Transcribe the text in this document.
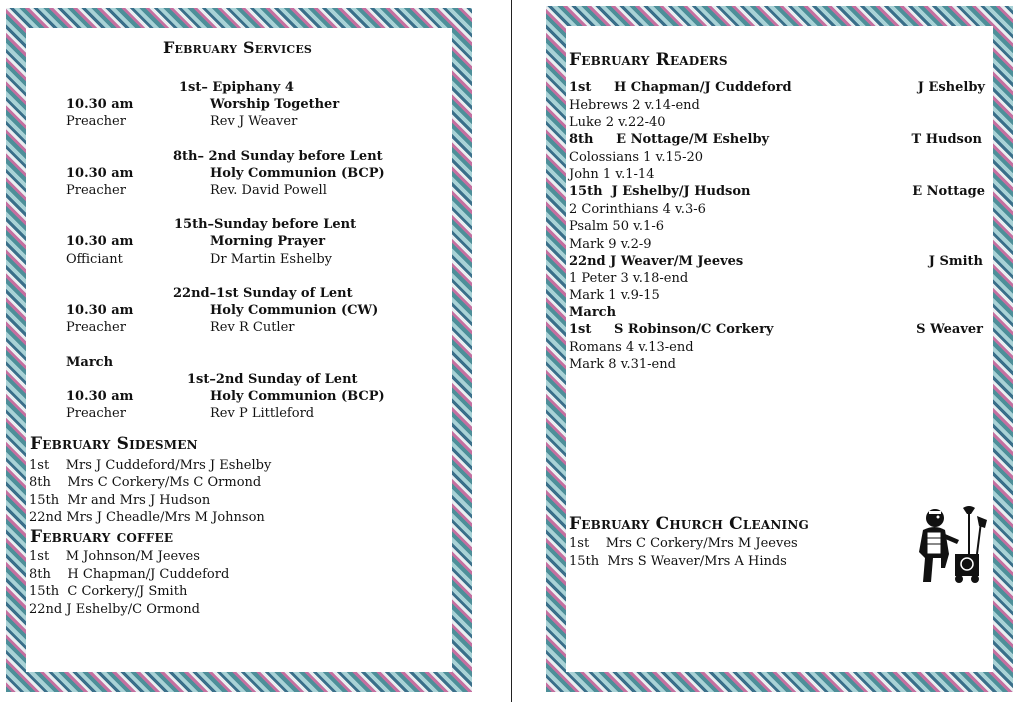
February Services
1st– Epiphany 4
10.30 am	Worship Together
Preacher	Rev J Weaver
8th– 2nd Sunday before Lent
10.30 am	Holy Communion (BCP)
Preacher	Rev. David Powell
15th–Sunday before Lent
10.30 am	Morning Prayer
Officiant	Dr Martin Eshelby
22nd–1st Sunday of Lent
10.30 am	Holy Communion (CW)
Preacher	Rev R Cutler
March
1st–2nd Sunday of Lent
10.30 am	Holy Communion (BCP)
Preacher	Rev P Littleford
February Sidesmen
1st    Mrs J Cuddeford/Mrs J Eshelby
8th    Mrs C Corkery/Ms C Ormond
15th  Mr and Mrs J Hudson
22nd Mrs J Cheadle/Mrs M Johnson
February coffee
1st    M Johnson/M Jeeves
8th    H Chapman/J Cuddeford
15th  C Corkery/J Smith
22nd J Eshelby/C Ormond
February Readers
1st     H Chapman/J Cuddeford	J Eshelby
Hebrews 2 v.14-end
Luke 2 v.22-40
8th     E Nottage/M Eshelby	T Hudson
Colossians 1 v.15-20
John 1 v.1-14
15th  J Eshelby/J Hudson	E Nottage
2 Corinthians 4 v.3-6
Psalm 50 v.1-6
Mark 9 v.2-9
22nd J Weaver/M Jeeves	J Smith
1 Peter 3 v.18-end
Mark 1 v.9-15
March
1st     S Robinson/C Corkery	S Weaver
Romans 4 v.13-end
Mark 8 v.31-end
February Church Cleaning
1st    Mrs C Corkery/Mrs M Jeeves
15th  Mrs S Weaver/Mrs A Hinds
